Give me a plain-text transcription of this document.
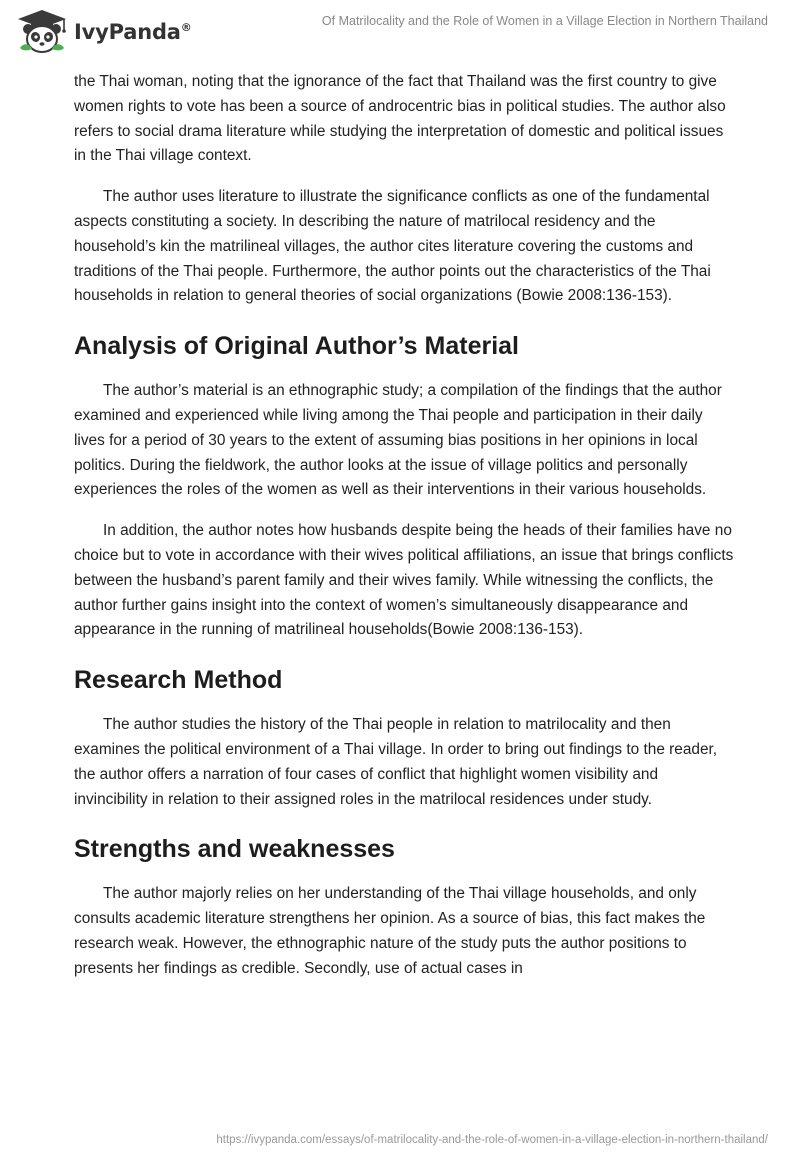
IvyPanda®	Of Matrilocality and the Role of Women in a Village Election in Northern Thailand

the Thai woman, noting that the ignorance of the fact that Thailand was the first country to give women rights to vote has been a source of androcentric bias in political studies. The author also refers to social drama literature while studying the interpretation of domestic and political issues in the Thai village context.

The author uses literature to illustrate the significance conflicts as one of the fundamental aspects constituting a society. In describing the nature of matrilocal residency and the household’s kin the matrilineal villages, the author cites literature covering the customs and traditions of the Thai people. Furthermore, the author points out the characteristics of the Thai households in relation to general theories of social organizations (Bowie 2008:136-153).

Analysis of Original Author’s Material

The author’s material is an ethnographic study; a compilation of the findings that the author examined and experienced while living among the Thai people and participation in their daily lives for a period of 30 years to the extent of assuming bias positions in her opinions in local politics. During the fieldwork, the author looks at the issue of village politics and personally experiences the roles of the women as well as their interventions in their various households.

In addition, the author notes how husbands despite being the heads of their families have no choice but to vote in accordance with their wives political affiliations, an issue that brings conflicts between the husband’s parent family and their wives family. While witnessing the conflicts, the author further gains insight into the context of women’s simultaneously disappearance and appearance in the running of matrilineal households(Bowie 2008:136-153).

Research Method

The author studies the history of the Thai people in relation to matrilocality and then examines the political environment of a Thai village. In order to bring out findings to the reader, the author offers a narration of four cases of conflict that highlight women visibility and invincibility in relation to their assigned roles in the matrilocal residences under study.

Strengths and weaknesses

The author majorly relies on her understanding of the Thai village households, and only consults academic literature strengthens her opinion. As a source of bias, this fact makes the research weak. However, the ethnographic nature of the study puts the author positions to presents her findings as credible. Secondly, use of actual cases in

https://ivypanda.com/essays/of-matrilocality-and-the-role-of-women-in-a-village-election-in-northern-thailand/
